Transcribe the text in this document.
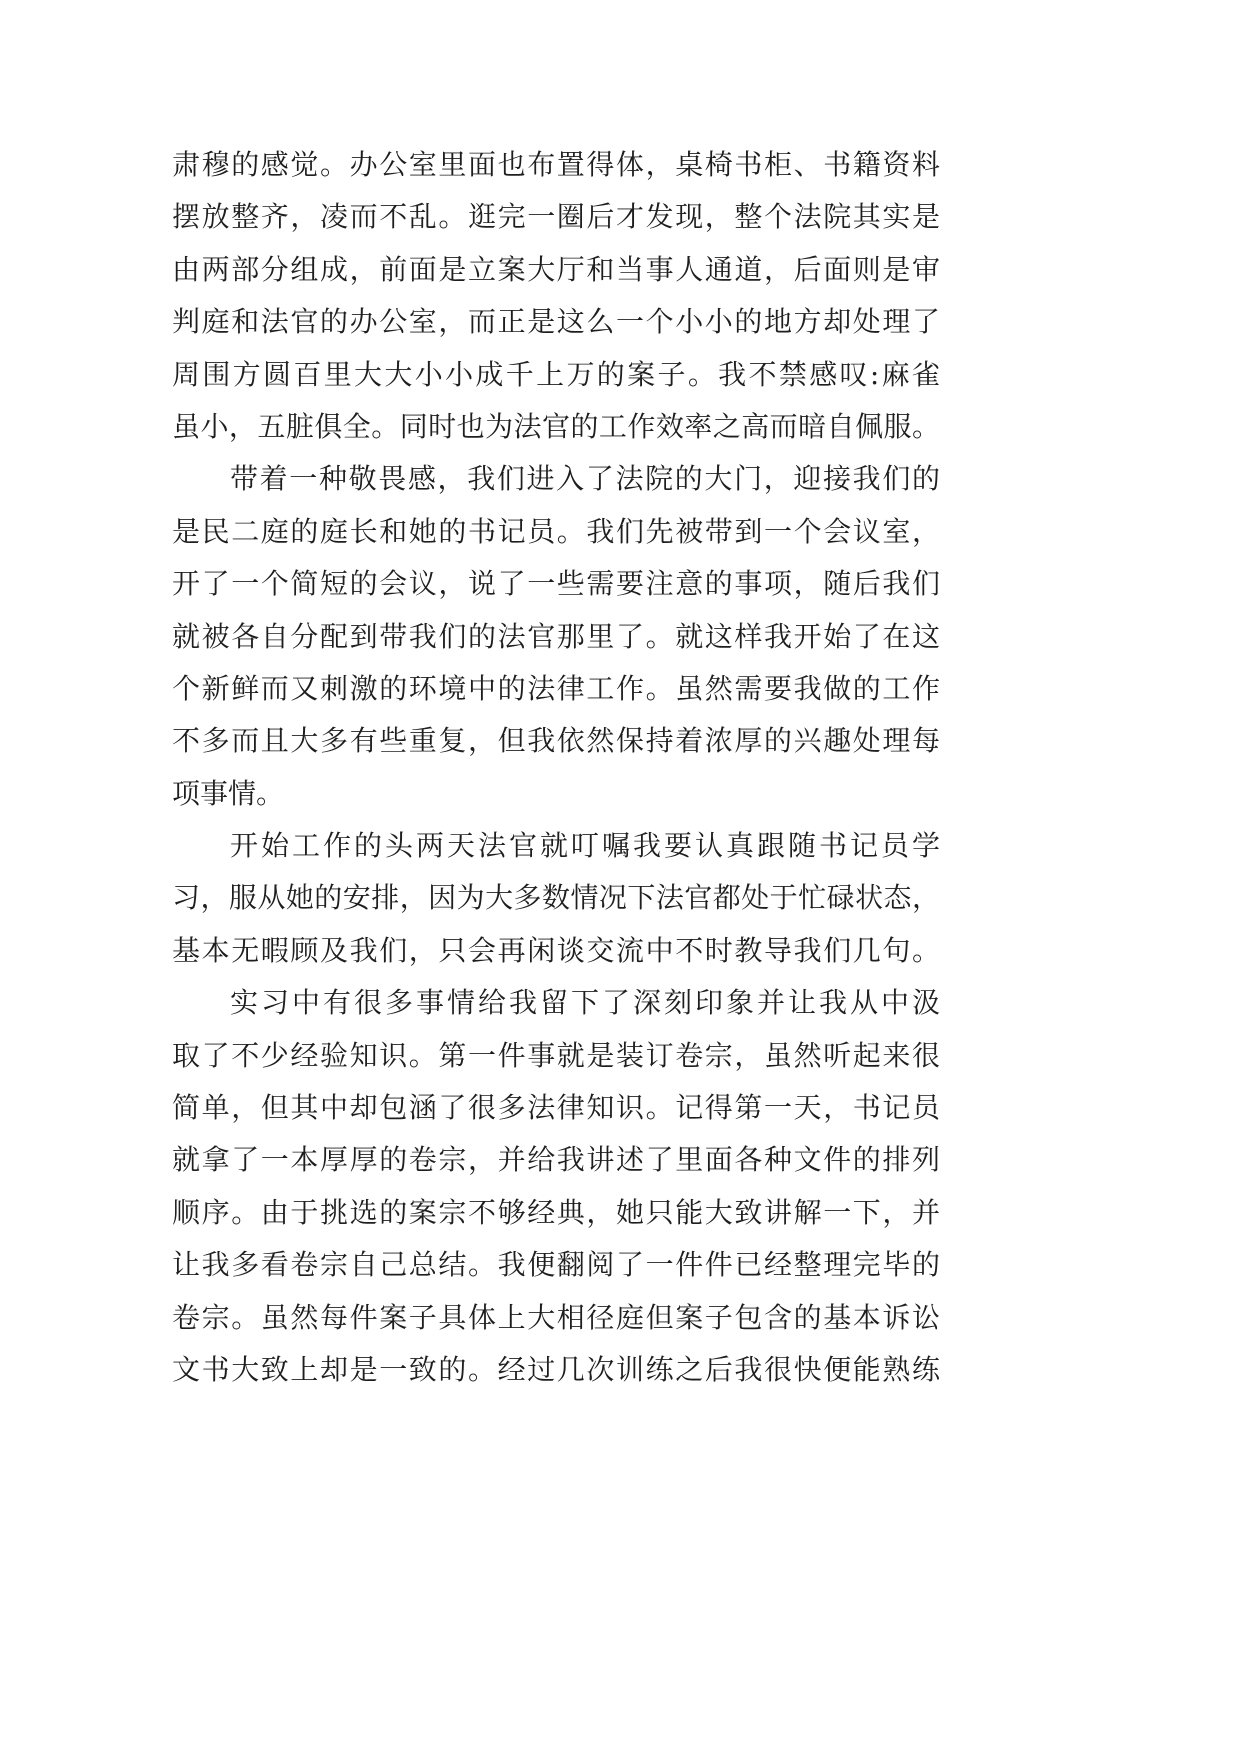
肃穆的感觉。办公室里面也布置得体，桌椅书柜、书籍资料
摆放整齐，凌而不乱。逛完一圈后才发现，整个法院其实是
由两部分组成，前面是立案大厅和当事人通道，后面则是审
判庭和法官的办公室，而正是这么一个小小的地方却处理了
周围方圆百里大大小小成千上万的案子。我不禁感叹:麻雀
虽小，五脏俱全。同时也为法官的工作效率之高而暗自佩服。
带着一种敬畏感，我们进入了法院的大门，迎接我们的
是民二庭的庭长和她的书记员。我们先被带到一个会议室，
开了一个简短的会议，说了一些需要注意的事项，随后我们
就被各自分配到带我们的法官那里了。就这样我开始了在这
个新鲜而又刺激的环境中的法律工作。虽然需要我做的工作
不多而且大多有些重复，但我依然保持着浓厚的兴趣处理每
项事情。
开始工作的头两天法官就叮嘱我要认真跟随书记员学
习，服从她的安排，因为大多数情况下法官都处于忙碌状态，
基本无暇顾及我们，只会再闲谈交流中不时教导我们几句。
实习中有很多事情给我留下了深刻印象并让我从中汲
取了不少经验知识。第一件事就是装订卷宗，虽然听起来很
简单，但其中却包涵了很多法律知识。记得第一天，书记员
就拿了一本厚厚的卷宗，并给我讲述了里面各种文件的排列
顺序。由于挑选的案宗不够经典，她只能大致讲解一下，并
让我多看卷宗自己总结。我便翻阅了一件件已经整理完毕的
卷宗。虽然每件案子具体上大相径庭但案子包含的基本诉讼
文书大致上却是一致的。经过几次训练之后我很快便能熟练
